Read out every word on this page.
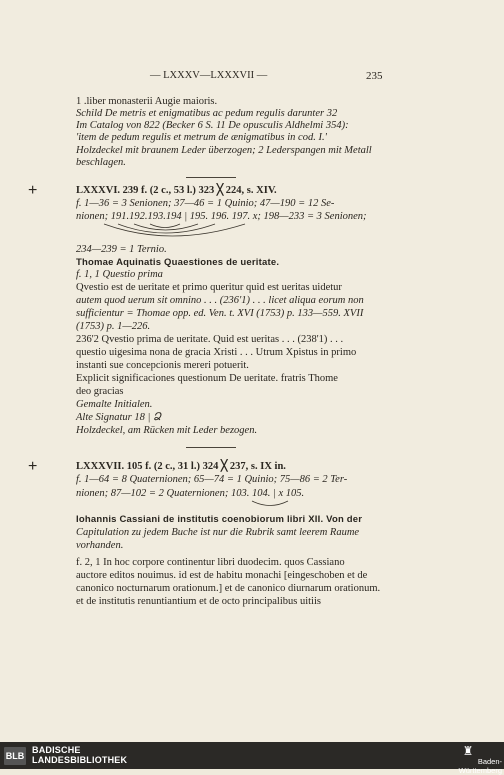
— LXXXV—LXXXVII —	235
1 .liber monasterii Augie maioris.
Schild De metris et enigmatibus ac pedum regulis darunter 32
Im Catalog von 822 (Becker 6 S. 11 De opusculis Aldhelmi 354):
'item de pedum regulis et metrum de ænigmatibus in cod. I.'
Holzdeckel mit braunem Leder überzogen; 2 Lederspangen mit Metall
beschlagen.
+	LXXXVI. 239 f. (2 c., 53 l.) 323 ╳ 224, s. XIV.
f. 1—36 = 3 Senionen; 37—46 = 1 Quinio; 47—190 = 12 Se-
nionen; 191.192.193.194 | 195. 196. 197. x; 198—233 = 3 Senionen;
234—239 = 1 Ternio.
Thomae Aquinatis Quaestiones de ueritate.
f. 1, 1 Questio prima
Qvestio est de ueritate et primo queritur quid est ueritas uidetur
autem quod uerum sit omnino . . . (236'1) . . . licet aliqua eorum non
sufficientur = Thomae opp. ed. Ven. t. XVI (1753) p. 133—559. XVII
(1753) p. 1—226.
236'2 Qvestio prima de ueritate. Quid est ueritas . . . (238'1) . . .
questio uigesima nona de gracia Xristi . . . Utrum Xpistus in primo
instanti sue concepcionis mereri potuerit.
Explicit significaciones questionum De ueritate. fratris Thome
deo gracias
Gemalte Initialen.
Alte Signatur 18 | Ձ
Holzdeckel, am Rücken mit Leder bezogen.
+	LXXXVII. 105 f. (2 c., 31 l.) 324 ╳ 237, s. IX in.
f. 1—64 = 8 Quaternionen; 65—74 = 1 Quinio; 75—86 = 2 Ter-
nionen; 87—102 = 2 Quaternionen; 103. 104. | x 105.
Iohannis Cassiani de institutis coenobiorum libri XII. Von der
Capitulation zu jedem Buche ist nur die Rubrik samt leerem Raume
vorhanden.
f. 2, 1 In hoc corpore continentur libri duodecim. quos Cassiano
auctore editos nouimus. id est de habitu monachi [eingeschoben et de
canonico nocturnarum orationum.] et de canonico diurnarum orationum.
et de institutis renuntiantium et de octo principalibus uitiis
BLB
BADISCHE
LANDESBIBLIOTHEK
♜
Baden-Württemberg
